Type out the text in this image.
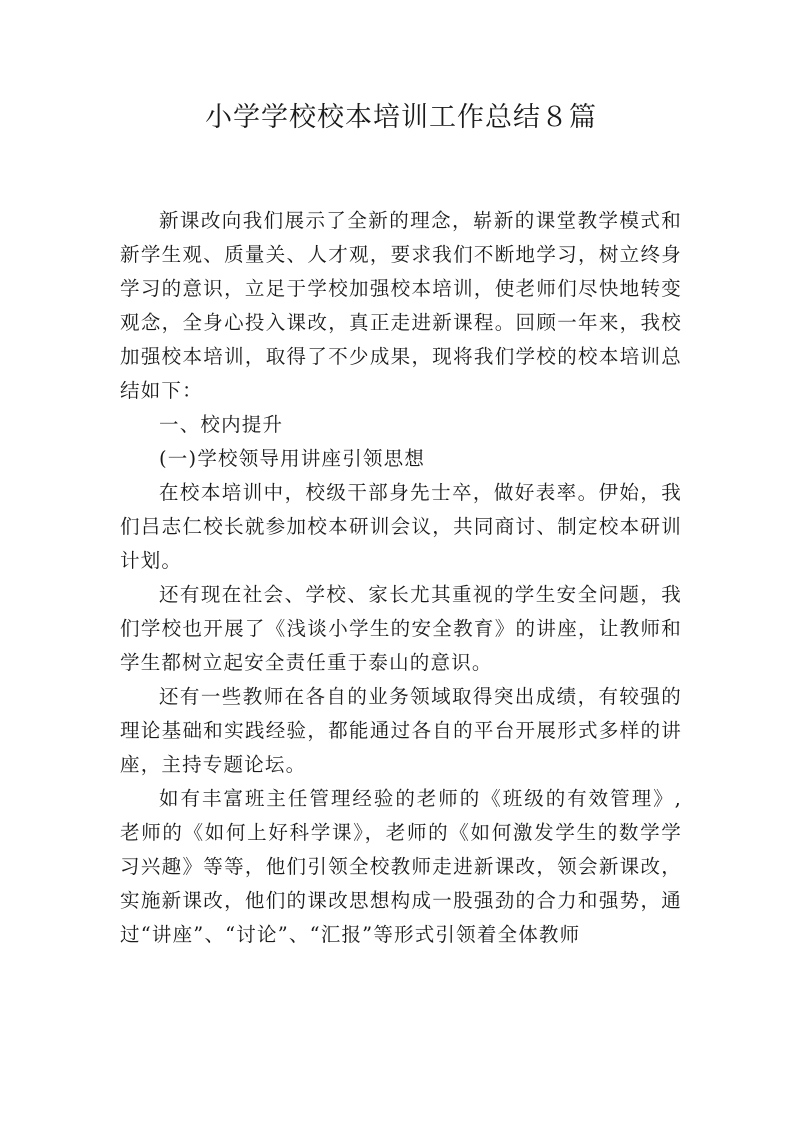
小学学校校本培训工作总结８篇

新课改向我们展示了全新的理念，崭新的课堂教学模式和新学生观、质量关、人才观，要求我们不断地学习，树立终身学习的意识，立足于学校加强校本培训，使老师们尽快地转变观念，全身心投入课改，真正走进新课程。回顾一年来，我校加强校本培训，取得了不少成果，现将我们学校的校本培训总结如下：

一、校内提升
(一)学校领导用讲座引领思想

在校本培训中，校级干部身先士卒，做好表率。伊始，我们吕志仁校长就参加校本研训会议，共同商讨、制定校本研训计划。

还有现在社会、学校、家长尤其重视的学生安全问题，我们学校也开展了《浅谈小学生的安全教育》的讲座，让教师和学生都树立起安全责任重于泰山的意识。

还有一些教师在各自的业务领域取得突出成绩，有较强的理论基础和实践经验，都能通过各自的平台开展形式多样的讲座，主持专题论坛。

如有丰富班主任管理经验的老师的《班级的有效管理》,老师的《如何上好科学课》，老师的《如何激发学生的数学学习兴趣》等等，他们引领全校教师走进新课改，领会新课改，实施新课改，他们的课改思想构成一股强劲的合力和强势，通过“讲座”、“讨论”、“汇报”等形式引领着全体教师
